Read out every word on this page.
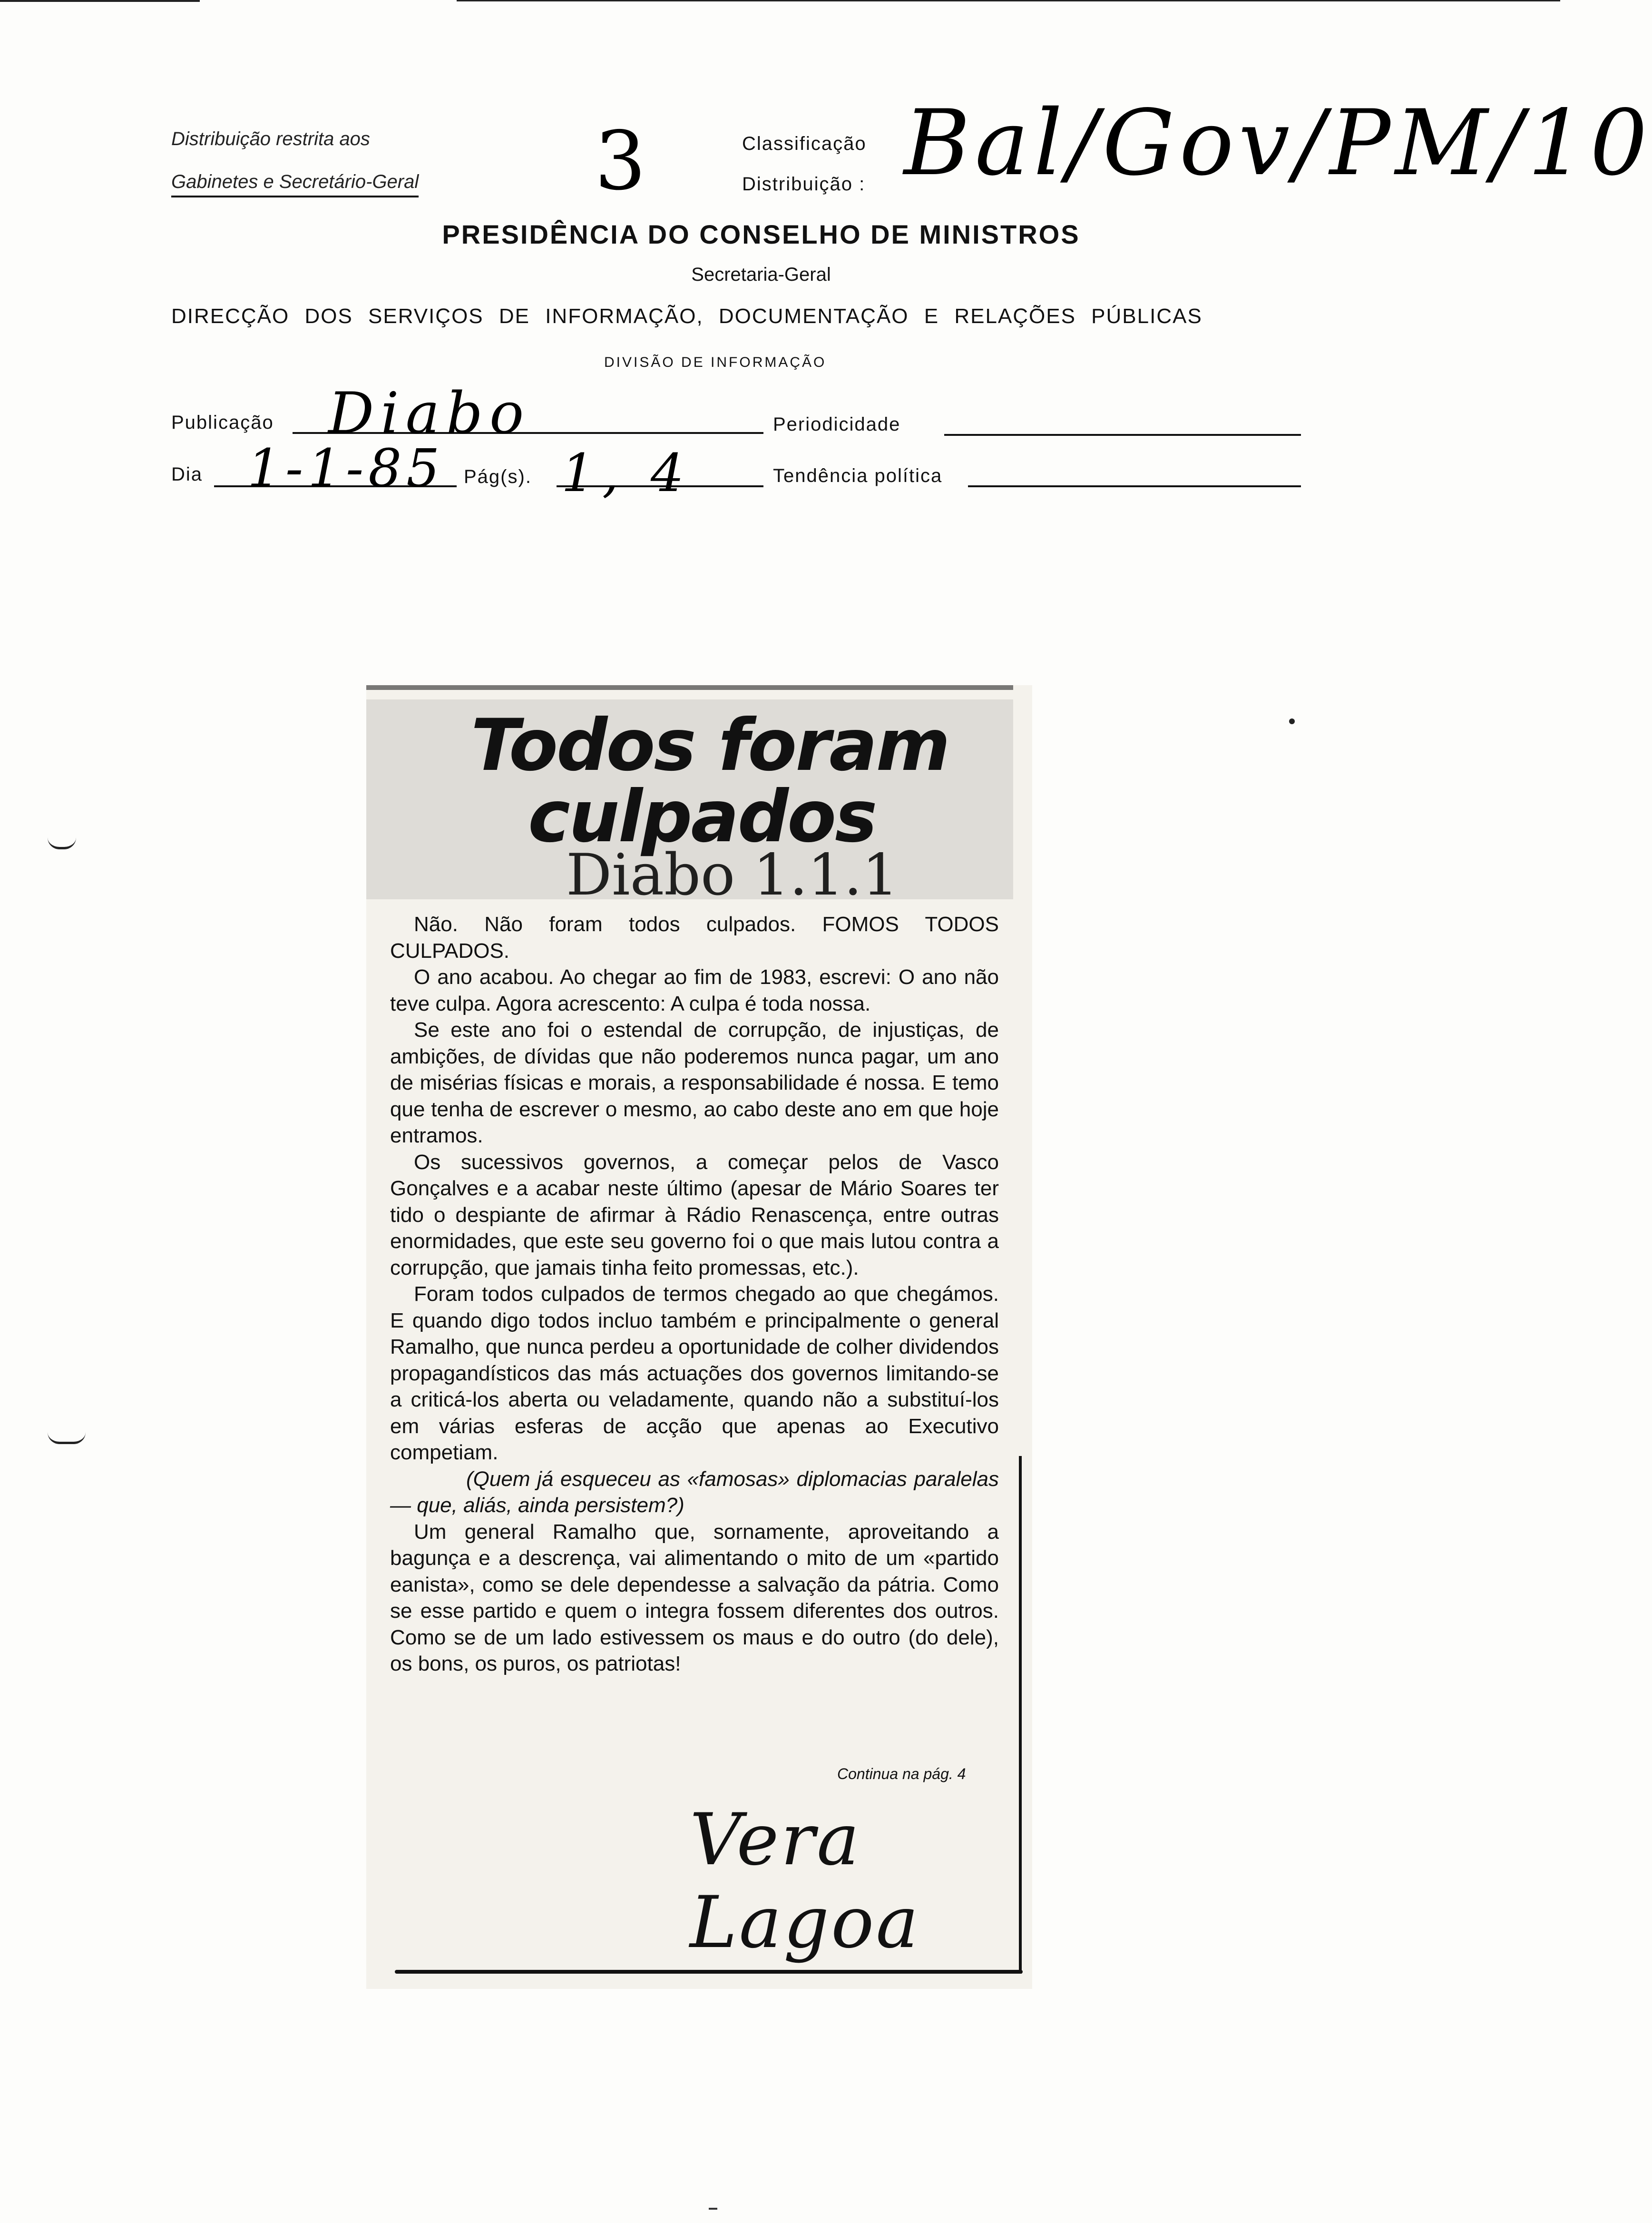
Distribuição restrita aos
Gabinetes e Secretário-Geral 3	Classificação
Distribuição : Bal/Gov/PM/10
PRESIDÊNCIA DO CONSELHO DE MINISTROS
Secretaria-Geral
DIRECÇÃO DOS SERVIÇOS DE INFORMAÇÃO, DOCUMENTAÇÃO E RELAÇÕES PÚBLICAS
DIVISÃO DE INFORMAÇÃO
Publicação Diabo	Periodicidade
Dia 1-1-85 Pág(s). 1, 4	Tendência política
Todos foram
culpados
Diabo 1.1.1

Não. Não foram todos culpados. FOMOS TODOS CULPADOS.

O ano acabou. Ao chegar ao fim de 1983, escrevi: O ano não teve culpa. Agora acrescento: A culpa é toda nossa.

Se este ano foi o estendal de corrupção, de injustiças, de ambições, de dívidas que não poderemos nunca pagar, um ano de misérias físicas e morais, a responsabilidade é nossa. E temo que tenha de escrever o mesmo, ao cabo deste ano em que hoje entramos.

Os sucessivos governos, a começar pelos de Vasco Gonçalves e a acabar neste último (apesar de Mário Soares ter tido o despiante de afirmar à Rádio Renascença, entre outras enormidades, que este seu governo foi o que mais lutou contra a corrupção, que jamais tinha feito promessas, etc.).

Foram todos culpados de termos chegado ao que chegámos. E quando digo todos incluo também e principalmente o general Ramalho, que nunca perdeu a oportunidade de colher dividendos propagandísticos das más actuações dos governos limitando-se a criticá-los aberta ou veladamente, quando não a substituí-los em várias esferas de acção que apenas ao Executivo competiam.

(Quem já esqueceu as «famosas» diplomacias paralelas — que, aliás, ainda persistem?)

Um general Ramalho que, sornamente, aproveitando a bagunça e a descrença, vai alimentando o mito de um «partido eanista», como se dele dependesse a salvação da pátria. Como se esse partido e quem o integra fossem diferentes dos outros. Como se de um lado estivessem os maus e do outro (do dele), os bons, os puros, os patriotas!

Continua na pág. 4
Vera Lagoa
